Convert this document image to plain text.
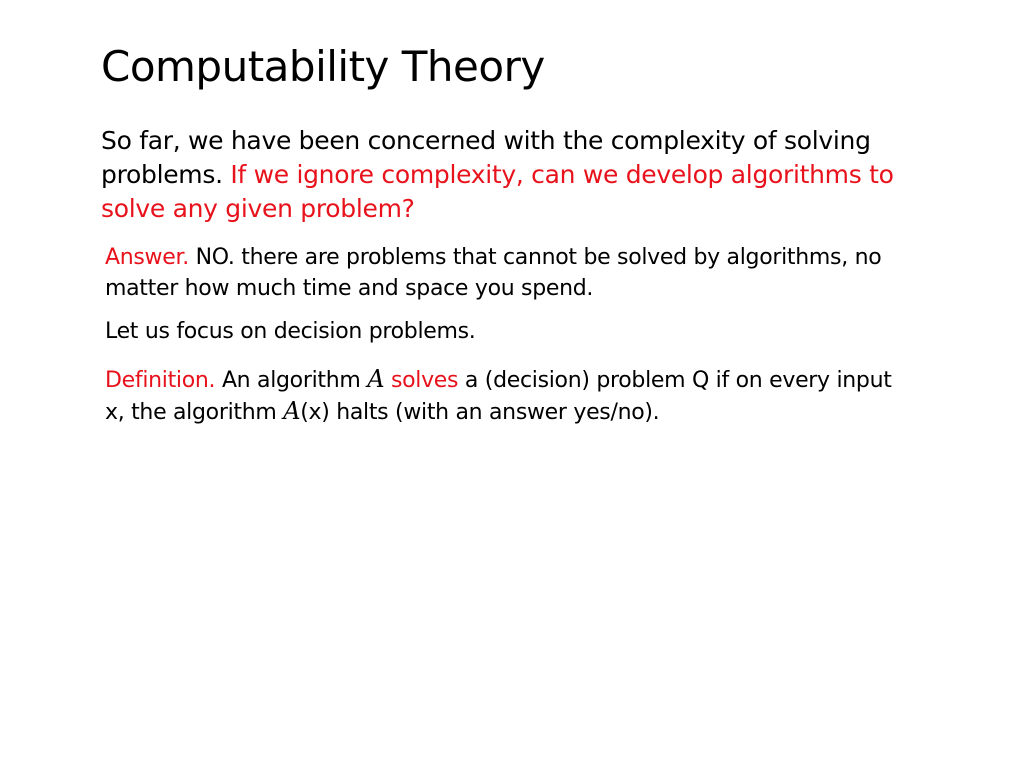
Computability Theory
So far, we have been concerned with the complexity of solving problems. If we ignore complexity, can we develop algorithms to solve any given problem?
Answer. NO. there are problems that cannot be solved by algorithms, no matter how much time and space you spend.
Let us focus on decision problems.
Definition. An algorithm A solves a (decision) problem Q if on every input x, the algorithm A(x) halts (with an answer yes/no).
